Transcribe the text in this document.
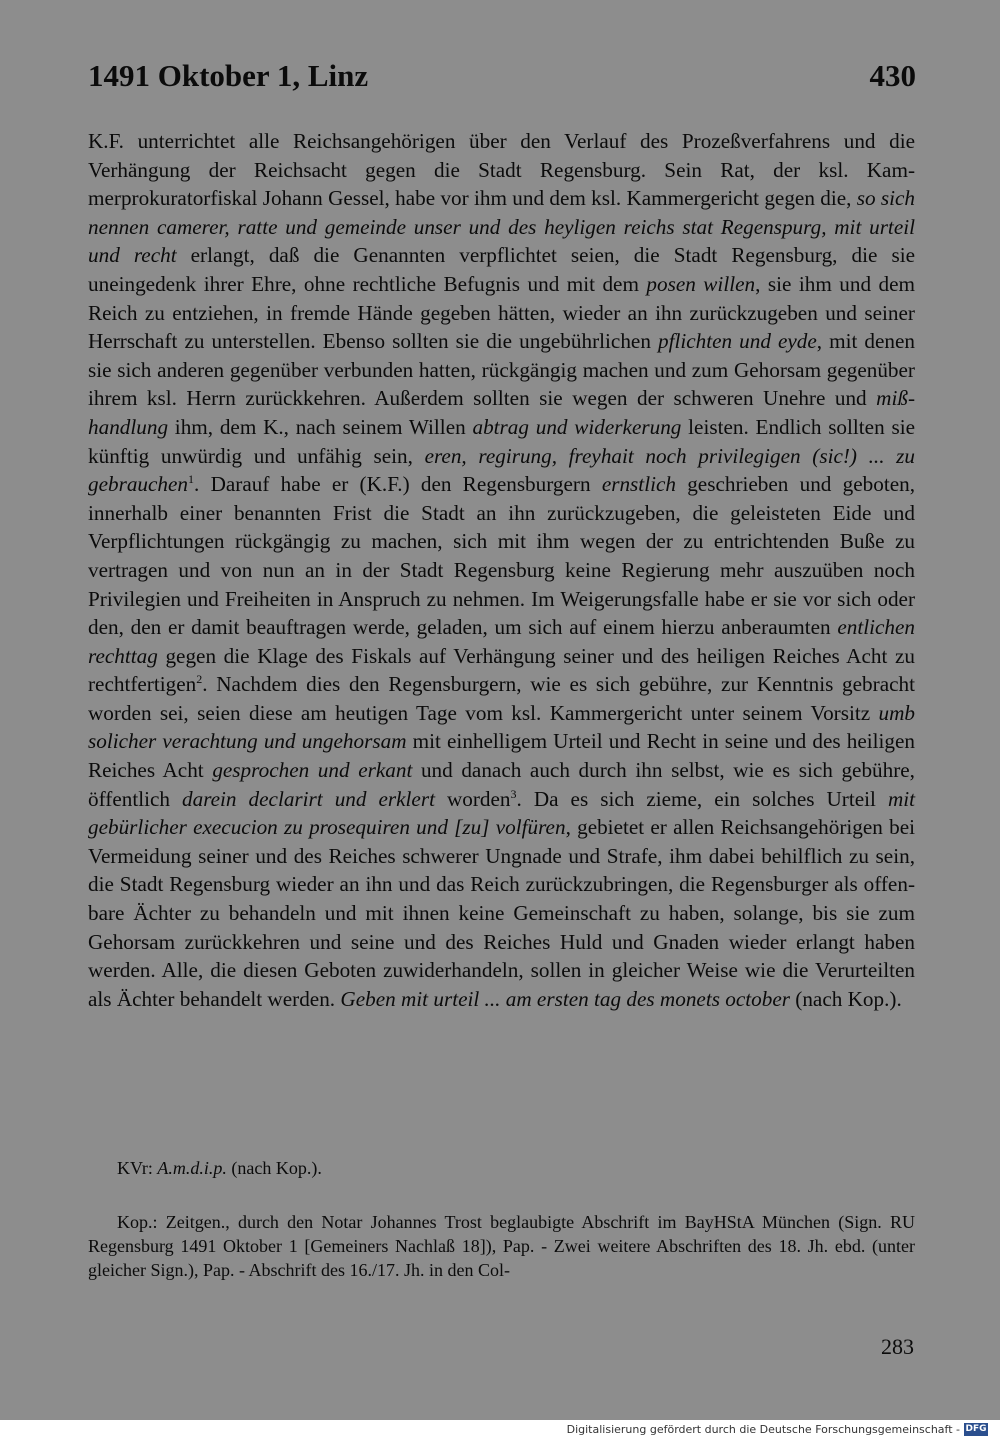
1491 Oktober 1, Linz	430
K.F. unterrichtet alle Reichsangehörigen über den Verlauf des Prozeßverfahrens und die Verhängung der Reichsacht gegen die Stadt Regensburg. Sein Rat, der ksl. Kammerprokuratorfiskal Johann Gessel, habe vor ihm und dem ksl. Kammergericht gegen die, so sich nennen camerer, ratte und gemeinde unser und des heyligen reichs stat Regenspurg, mit urteil und recht erlangt, daß die Genannten verpflichtet seien, die Stadt Regensburg, die sie uneingedenk ihrer Ehre, ohne rechtliche Befugnis und mit dem posen willen, sie ihm und dem Reich zu entziehen, in fremde Hände gegeben hätten, wieder an ihn zurückzugeben und seiner Herrschaft zu unterstellen. Ebenso sollten sie die ungebührlichen pflichten und eyde, mit denen sie sich anderen gegenüber verbunden hatten, rückgängig machen und zum Gehorsam gegenüber ihrem ksl. Herrn zurückkehren. Außerdem sollten sie wegen der schweren Unehre und mißhandlung ihm, dem K., nach seinem Willen abtrag und widerkerung leisten. Endlich sollten sie künftig unwürdig und unfähig sein, eren, regirung, freyhait noch privilegigen (sic!) ... zu gebrauchen$^1$. Darauf habe er (K.F.) den Regensburgern ernstlich geschrieben und geboten, innerhalb einer benannten Frist die Stadt an ihn zurückzugeben, die geleisteten Eide und Verpflichtungen rückgängig zu machen, sich mit ihm wegen der zu entrichtenden Buße zu vertragen und von nun an in der Stadt Regensburg keine Regierung mehr auszuüben noch Privilegien und Freiheiten in Anspruch zu nehmen. Im Weigerungsfalle habe er sie vor sich oder den, den er damit beauftragen werde, geladen, um sich auf einem hierzu anberaumten entlichen rechttag gegen die Klage des Fiskals auf Verhängung seiner und des heiligen Reiches Acht zu rechtfertigen$^2$. Nachdem dies den Regensburgern, wie es sich gebühre, zur Kenntnis gebracht worden sei, seien diese am heutigen Tage vom ksl. Kammergericht unter seinem Vorsitz umb solicher verachtung und ungehorsam mit einhelligem Urteil und Recht in seine und des heiligen Reiches Acht gesprochen und erkant und danach auch durch ihn selbst, wie es sich gebühre, öffentlich darein declarirt und erklert worden$^3$. Da es sich zieme, ein solches Urteil mit gebürlicher execucion zu prosequiren und [zu] volfüren, gebietet er allen Reichsangehörigen bei Vermeidung seiner und des Reiches schwerer Ungnade und Strafe, ihm dabei behilflich zu sein, die Stadt Regensburg wieder an ihn und das Reich zurückzubringen, die Regensburger als offenbare Ächter zu behandeln und mit ihnen keine Gemeinschaft zu haben, solange, bis sie zum Gehorsam zurückkehren und seine und des Reiches Huld und Gnaden wieder erlangt haben werden. Alle, die diesen Geboten zuwiderhandeln, sollen in gleicher Weise wie die Verurteilten als Ächter behandelt werden. Geben mit urteil ... am ersten tag des monets october (nach Kop.).
KVr: A.m.d.i.p. (nach Kop.).
Kop.: Zeitgen., durch den Notar Johannes Trost beglaubigte Abschrift im BayHStA München (Sign. RU Regensburg 1491 Oktober 1 [Gemeiners Nachlaß 18]), Pap. - Zwei weitere Abschriften des 18. Jh. ebd. (unter gleicher Sign.), Pap. - Abschrift des 16./17. Jh. in den Col-
283
Digitalisierung gefördert durch die Deutsche Forschungsgemeinschaft - DFG
